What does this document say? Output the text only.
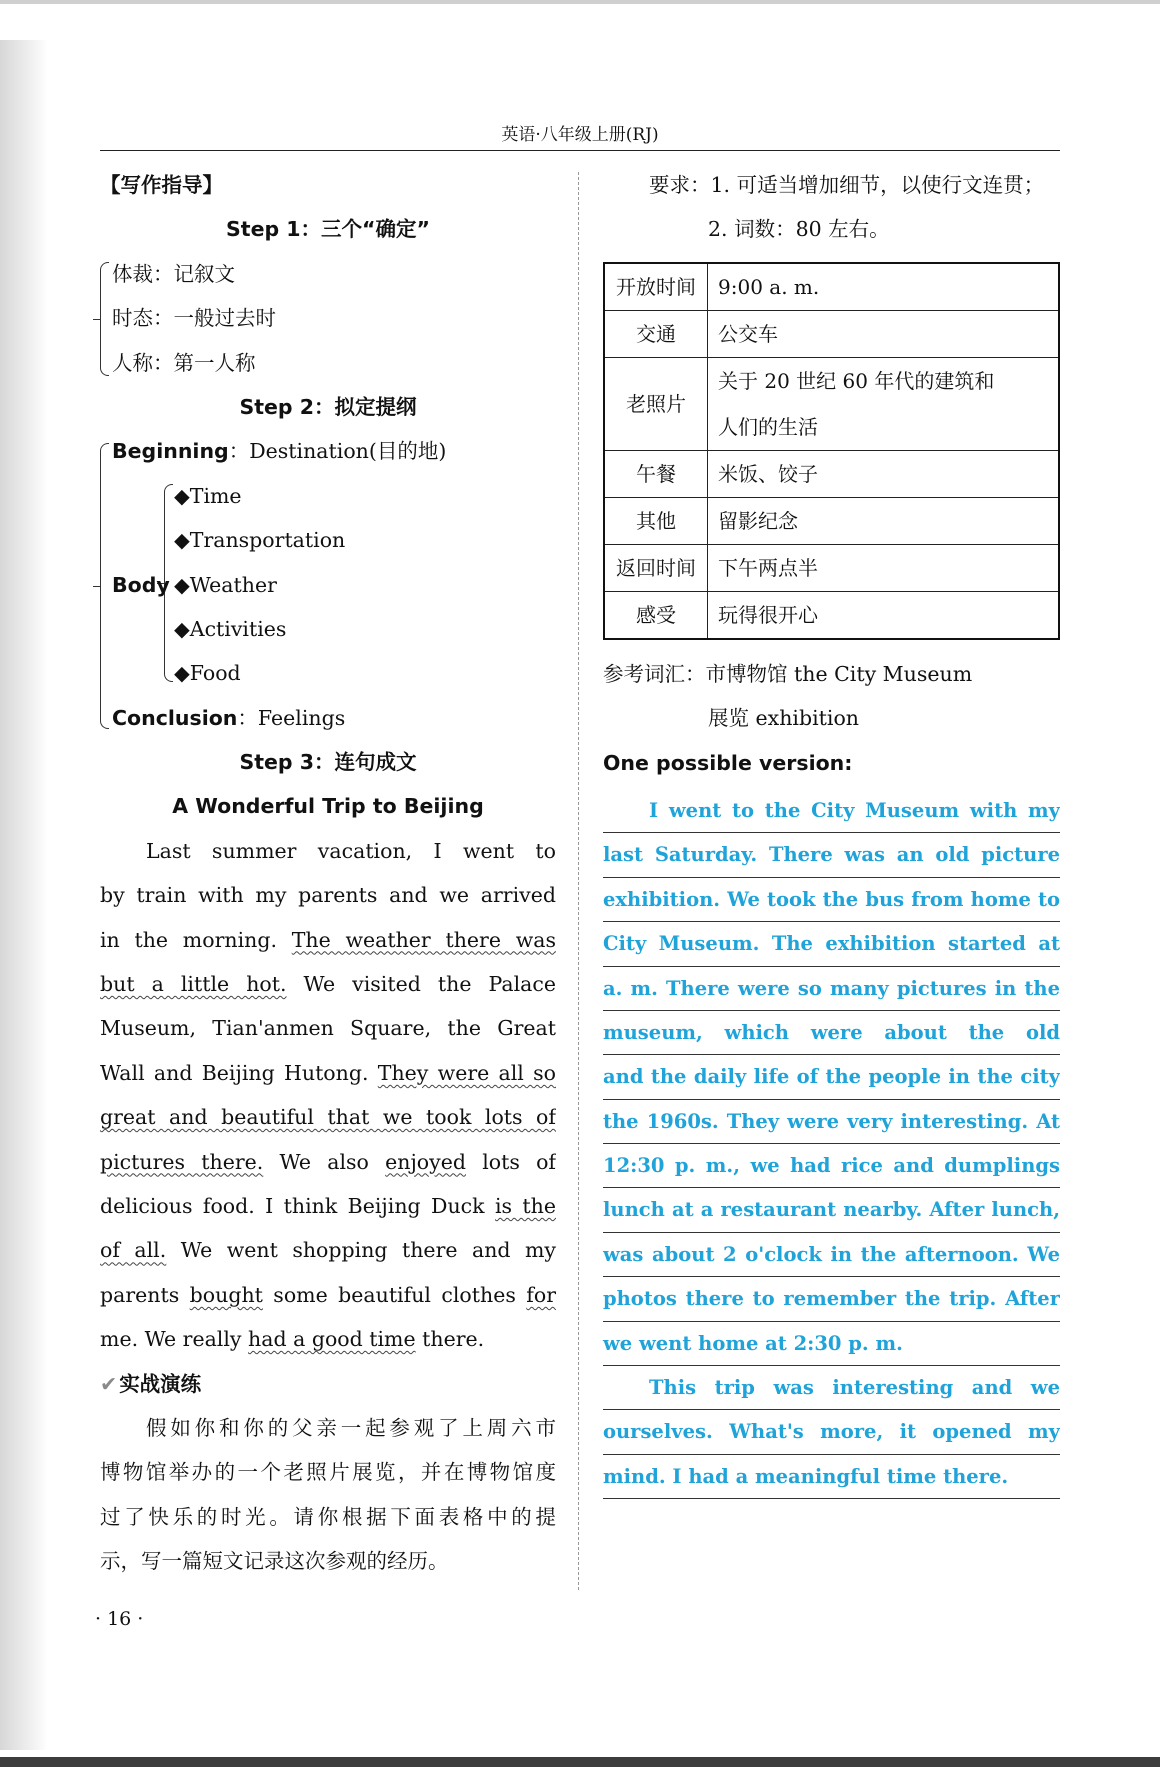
英语·八年级上册(RJ)
【写作指导】
Step 1：三个“确定”
体裁：记叙文
时态：一般过去时
人称：第一人称
Step 2：拟定提纲
Beginning：Destination(目的地)
◆Time
◆Transportation
Body ◆Weather
◆Activities
◆Food
Conclusion：Feelings
Step 3：连句成文
A Wonderful Trip to Beijing
Last summer vacation, I went to
by train with my parents and we arrived
in the morning. The weather there was
but a little hot. We visited the Palace
Museum, Tian'anmen Square, the Great
Wall and Beijing Hutong. They were all so
great and beautiful that we took lots of
pictures there. We also enjoyed lots of
delicious food. I think Beijing Duck is the
of all. We went shopping there and my
parents bought some beautiful clothes for
me. We really had a good time there.
✔实战演练
假如你和你的父亲一起参观了上周六市
博物馆举办的一个老照片展览，并在博物馆度
过了快乐的时光。请你根据下面表格中的提
示，写一篇短文记录这次参观的经历。
· 16 ·
要求：1. 可适当增加细节，以使行文连贯；
2. 词数：80 左右。
开放时间	9:00 a. m.
交通	公交车
老照片	关于 20 世纪 60 年代的建筑和
人们的生活

午餐	米饭、饺子
其他	留影纪念
返回时间	下午两点半
感受	玩得很开心
参考词汇：市博物馆 the City Museum
展览 exhibition
One possible version:
I went to the City Museum with my
last Saturday. There was an old picture
exhibition. We took the bus from home to
City Museum. The exhibition started at
a. m. There were so many pictures in the
museum, which were about the old
and the daily life of the people in the city
the 1960s. They were very interesting. At
12:30 p. m., we had rice and dumplings
lunch at a restaurant nearby. After lunch,
was about 2 o'clock in the afternoon. We
photos there to remember the trip. After
we went home at 2:30 p. m.
This trip was interesting and we
ourselves. What's more, it opened my
mind. I had a meaningful time there.
